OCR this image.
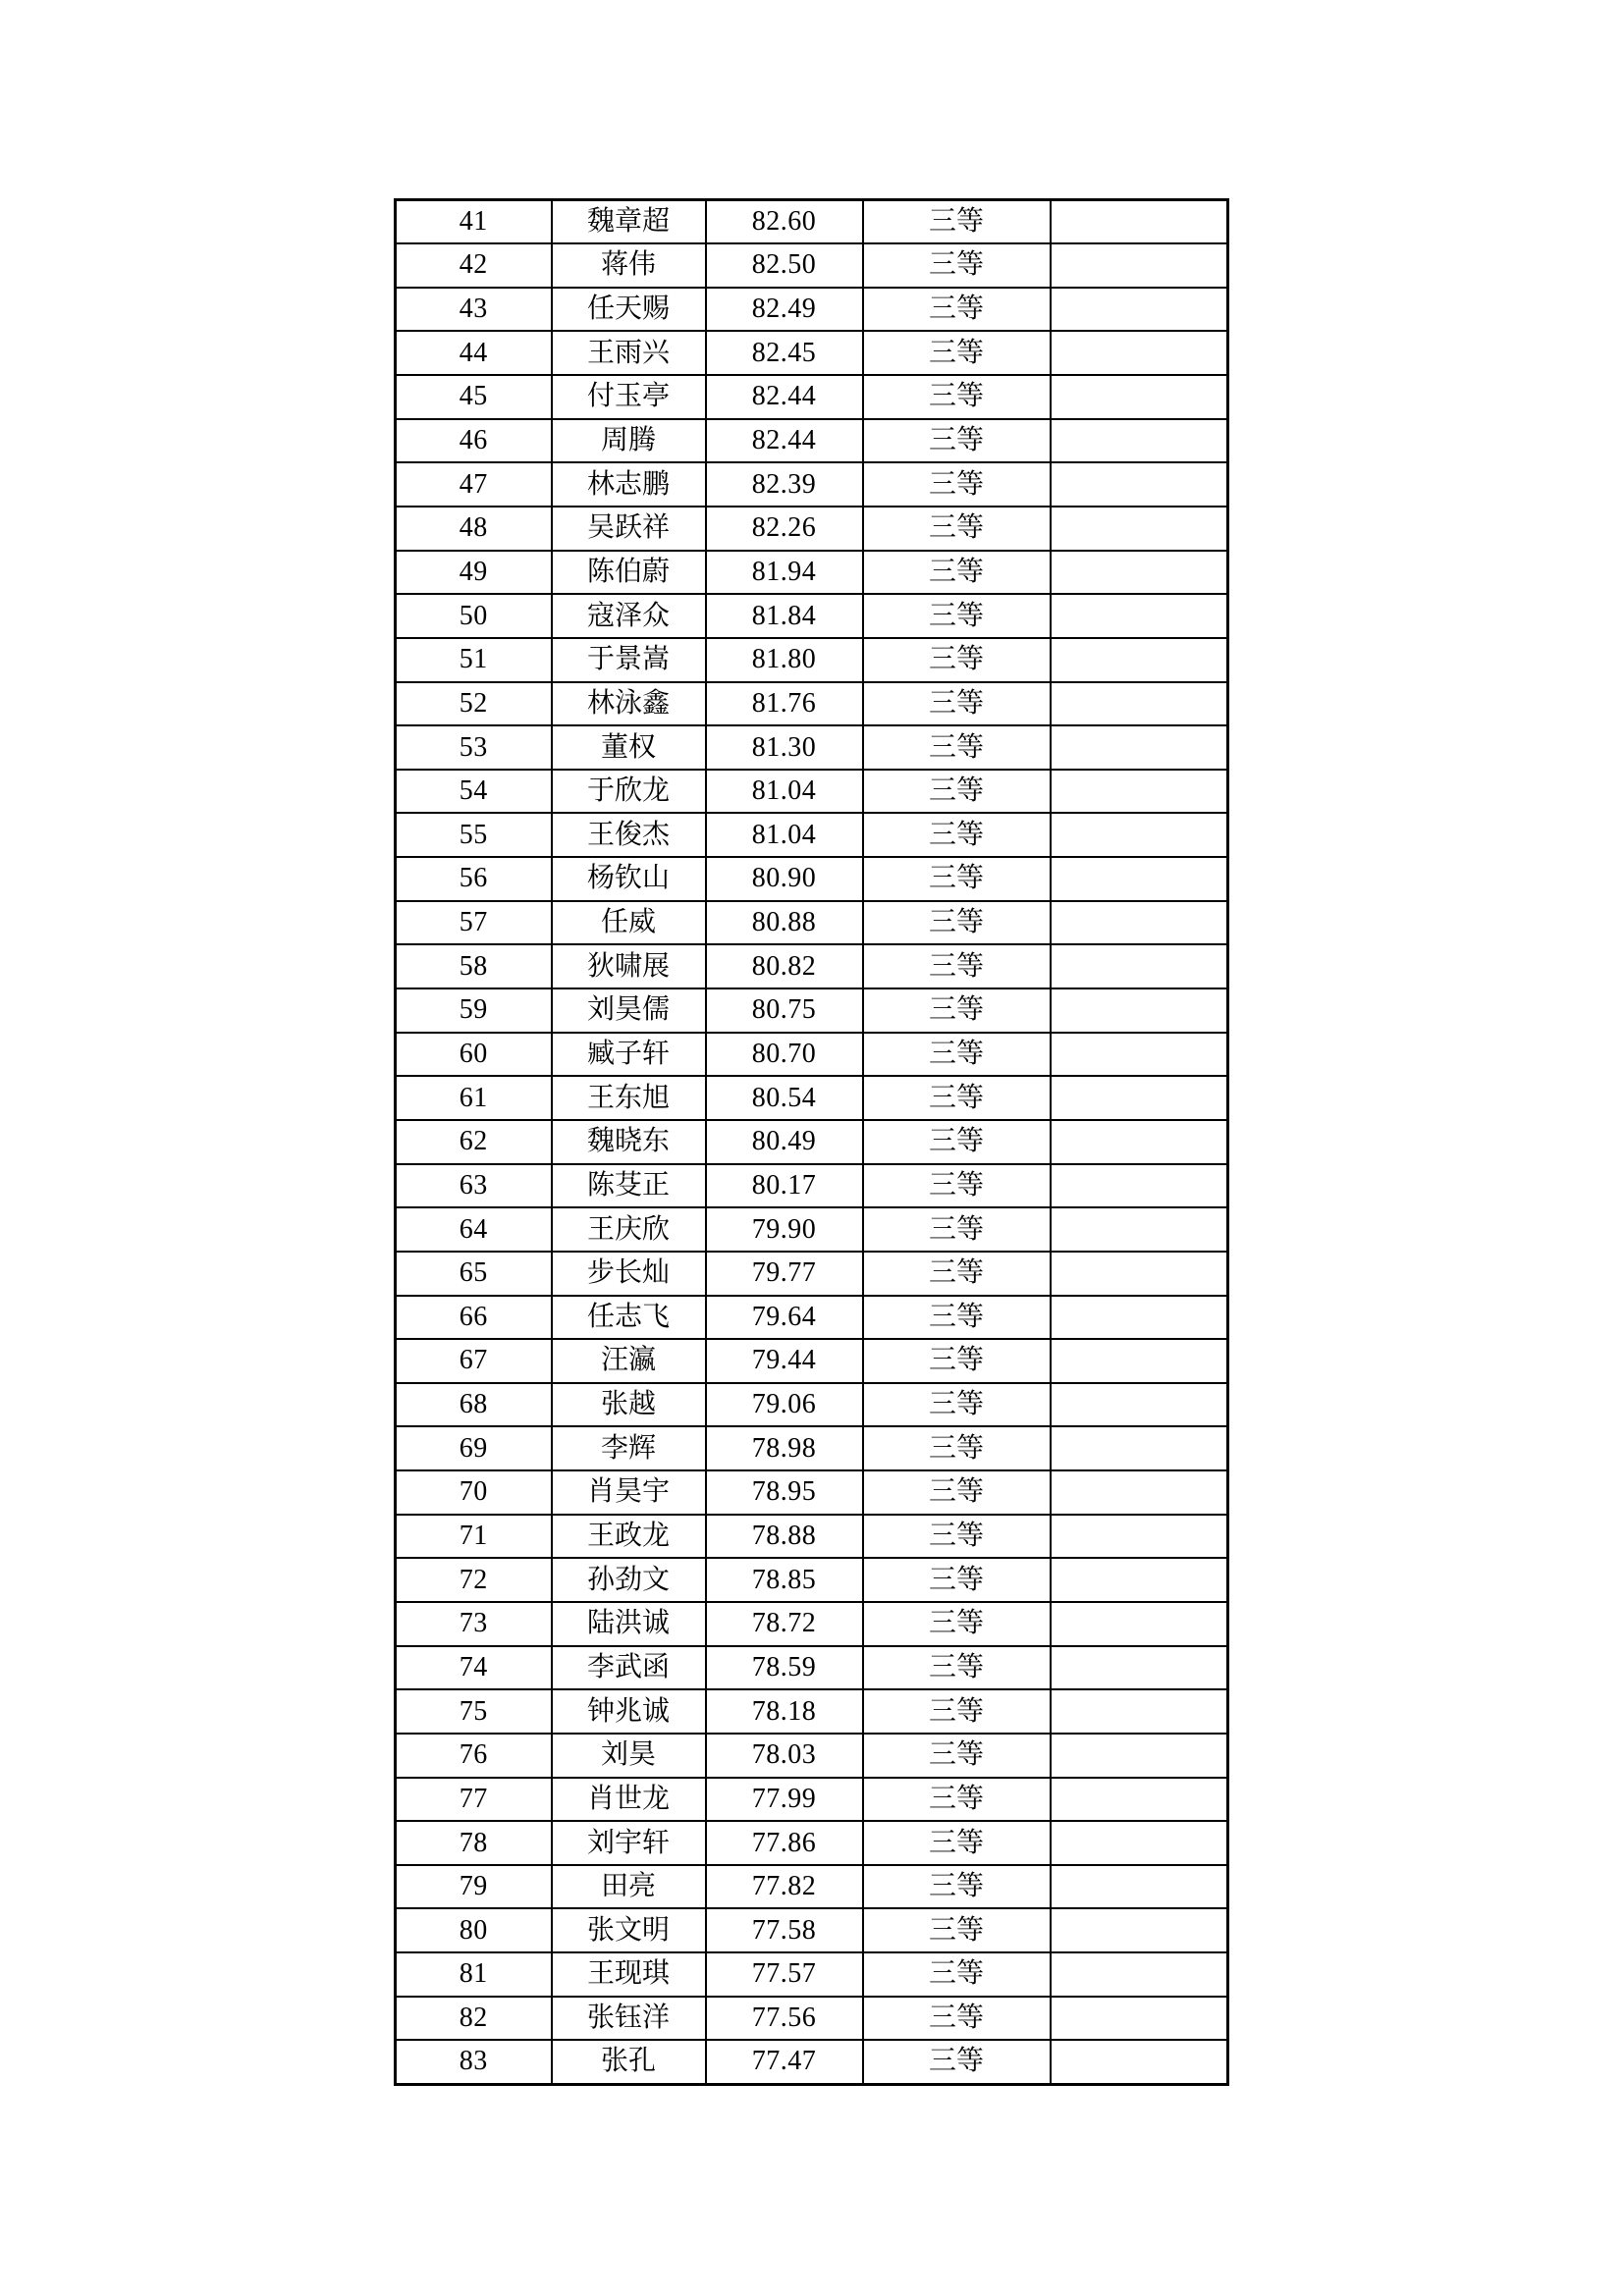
41	魏章超	82.60	三等	
42	蒋伟	82.50	三等	
43	任天赐	82.49	三等	
44	王雨兴	82.45	三等	
45	付玉亭	82.44	三等	
46	周腾	82.44	三等	
47	林志鹏	82.39	三等	
48	吴跃祥	82.26	三等	
49	陈伯蔚	81.94	三等	
50	寇泽众	81.84	三等	
51	于景嵩	81.80	三等	
52	林泳鑫	81.76	三等	
53	董权	81.30	三等	
54	于欣龙	81.04	三等	
55	王俊杰	81.04	三等	
56	杨钦山	80.90	三等	
57	任威	80.88	三等	
58	狄啸展	80.82	三等	
59	刘昊儒	80.75	三等	
60	臧子轩	80.70	三等	
61	王东旭	80.54	三等	
62	魏晓东	80.49	三等	
63	陈芟正	80.17	三等	
64	王庆欣	79.90	三等	
65	步长灿	79.77	三等	
66	任志飞	79.64	三等	
67	汪瀛	79.44	三等	
68	张越	79.06	三等	
69	李辉	78.98	三等	
70	肖昊宇	78.95	三等	
71	王政龙	78.88	三等	
72	孙劲文	78.85	三等	
73	陆洪诚	78.72	三等	
74	李武函	78.59	三等	
75	钟兆诚	78.18	三等	
76	刘昊	78.03	三等	
77	肖世龙	77.99	三等	
78	刘宇轩	77.86	三等	
79	田亮	77.82	三等	
80	张文明	77.58	三等	
81	王现琪	77.57	三等	
82	张钰洋	77.56	三等	
83	张孔	77.47	三等	
